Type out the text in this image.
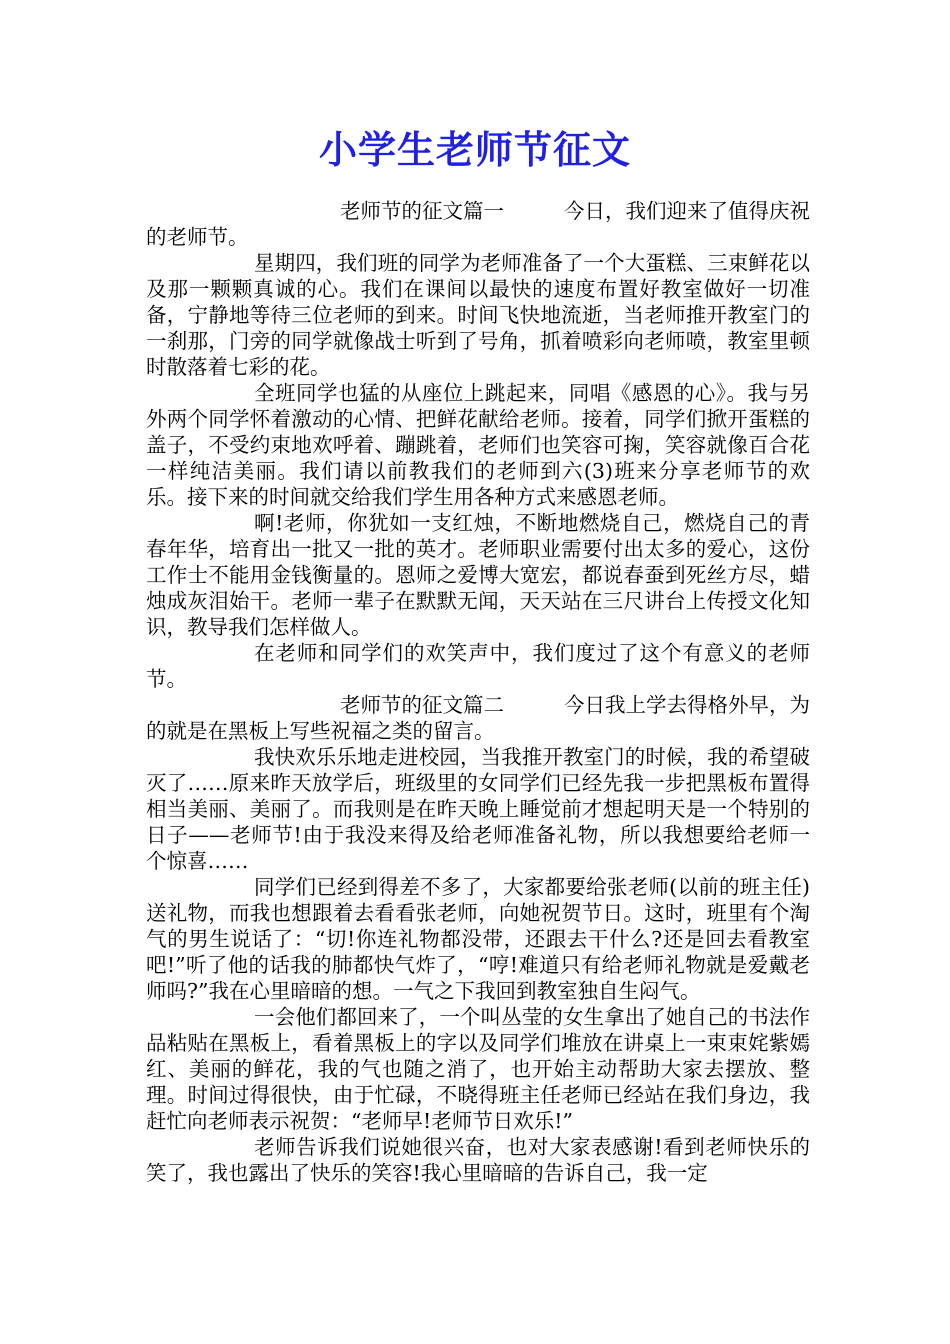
小学生老师节征文

老师节的征文篇一	今日，我们迎来了值得庆祝的老师节。

星期四，我们班的同学为老师准备了一个大蛋糕、三束鲜花以及那一颗颗真诚的心。我们在课间以最快的速度布置好教室做好一切准备，宁静地等待三位老师的到来。时间飞快地流逝，当老师推开教室门的一刹那，门旁的同学就像战士听到了号角，抓着喷彩向老师喷，教室里顿时散落着七彩的花。

全班同学也猛的从座位上跳起来，同唱《感恩的心》。我与另外两个同学怀着激动的心情、把鲜花献给老师。接着，同学们掀开蛋糕的盖子，不受约束地欢呼着、蹦跳着，老师们也笑容可掬，笑容就像百合花一样纯洁美丽。我们请以前教我们的老师到六(3)班来分享老师节的欢乐。接下来的时间就交给我们学生用各种方式来感恩老师。

啊!老师，你犹如一支红烛，不断地燃烧自己，燃烧自己的青春年华，培育出一批又一批的英才。老师职业需要付出太多的爱心，这份工作士不能用金钱衡量的。恩师之爱博大宽宏，都说春蚕到死丝方尽，蜡烛成灰泪始干。老师一辈子在默默无闻，天天站在三尺讲台上传授文化知识，教导我们怎样做人。

在老师和同学们的欢笑声中，我们度过了这个有意义的老师节。

老师节的征文篇二	今日我上学去得格外早，为的就是在黑板上写些祝福之类的留言。

我快欢乐乐地走进校园，当我推开教室门的时候，我的希望破灭了……原来昨天放学后，班级里的女同学们已经先我一步把黑板布置得相当美丽、美丽了。而我则是在昨天晚上睡觉前才想起明天是一个特别的日子——老师节!由于我没来得及给老师准备礼物，所以我想要给老师一个惊喜……

同学们已经到得差不多了，大家都要给张老师(以前的班主任)送礼物，而我也想跟着去看看张老师，向她祝贺节日。这时，班里有个淘气的男生说话了：“切!你连礼物都没带，还跟去干什么?还是回去看教室吧!”听了他的话我的肺都快气炸了，“哼!难道只有给老师礼物就是爱戴老师吗?”我在心里暗暗的想。一气之下我回到教室独自生闷气。

一会他们都回来了，一个叫丛莹的女生拿出了她自己的书法作品粘贴在黑板上，看着黑板上的字以及同学们堆放在讲桌上一束束姹紫嫣红、美丽的鲜花，我的气也随之消了，也开始主动帮助大家去摆放、整理。时间过得很快，由于忙碌，不晓得班主任老师已经站在我们身边，我赶忙向老师表示祝贺：“老师早!老师节日欢乐!”

老师告诉我们说她很兴奋，也对大家表感谢!看到老师快乐的笑了，我也露出了快乐的笑容!我心里暗暗的告诉自己，我一定
